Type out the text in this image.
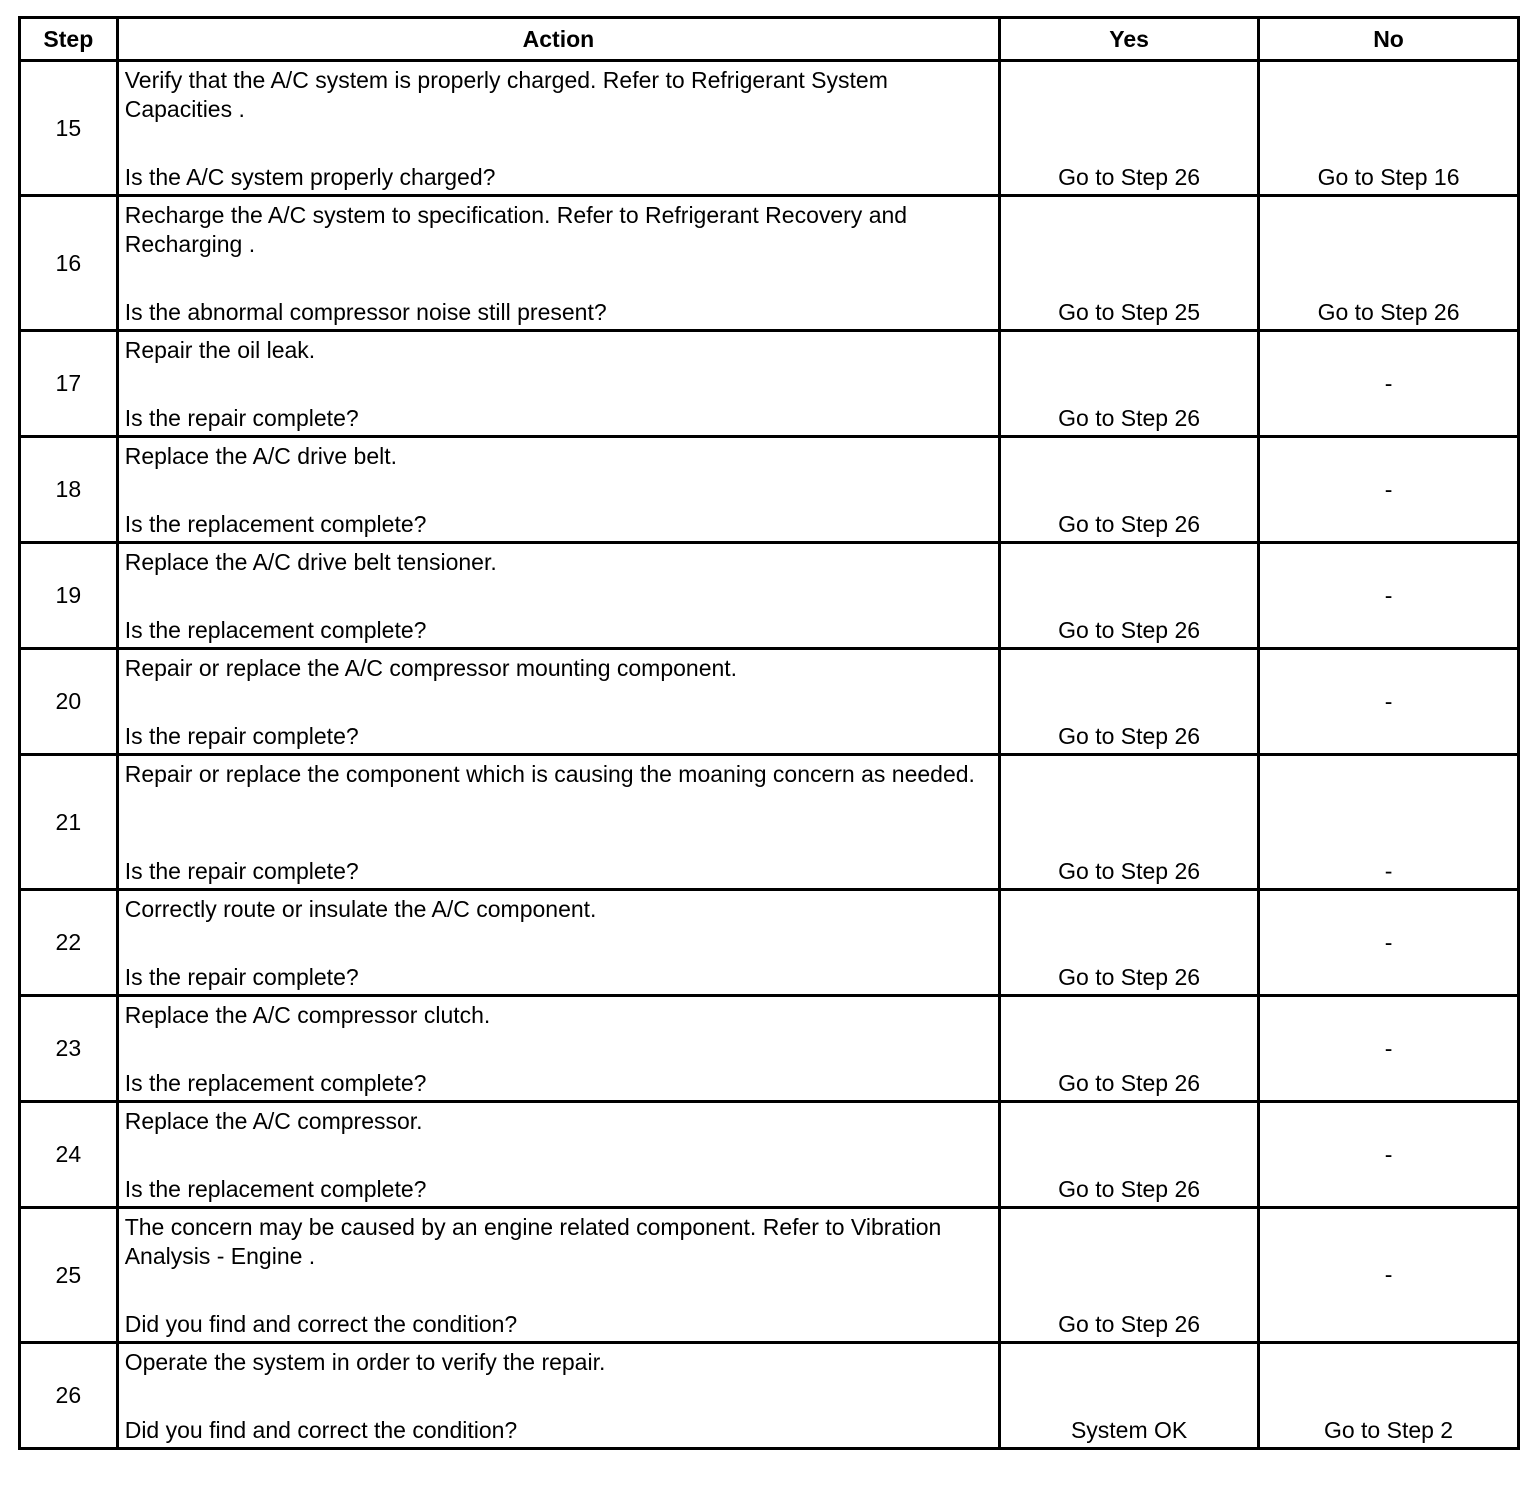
Step	Action	Yes	No
15	Verify that the A/C system is properly charged. Refer to Refrigerant System Capacities .
Is the A/C system properly charged?	Go to Step 26	Go to Step 16

16	Recharge the A/C system to specification. Refer to Refrigerant Recovery and Recharging .
Is the abnormal compressor noise still present?	Go to Step 25	Go to Step 26

17	Repair the oil leak.
Is the repair complete?	Go to Step 26	-

18	Replace the A/C drive belt.
Is the replacement complete?	Go to Step 26	-

19	Replace the A/C drive belt tensioner.
Is the replacement complete?	Go to Step 26	-

20	Repair or replace the A/C compressor mounting component.
Is the repair complete?	Go to Step 26	-

21	Repair or replace the component which is causing the moaning concern as needed.
Is the repair complete?	Go to Step 26	-

22	Correctly route or insulate the A/C component.
Is the repair complete?	Go to Step 26	-

23	Replace the A/C compressor clutch.
Is the replacement complete?	Go to Step 26	-

24	Replace the A/C compressor.
Is the replacement complete?	Go to Step 26	-

25	The concern may be caused by an engine related component. Refer to Vibration Analysis - Engine .
Did you find and correct the condition?	Go to Step 26	-

26	Operate the system in order to verify the repair.
Did you find and correct the condition?	System OK	Go to Step 2
